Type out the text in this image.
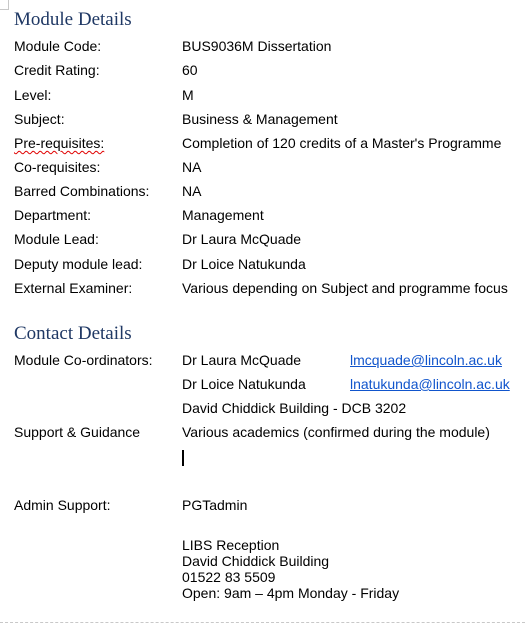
Module Details
Module Code:	BUS9036M Dissertation
Credit Rating:	60
Level:	M
Subject:	Business & Management
Pre-requisites:	Completion of 120 credits of a Master's Programme
Co-requisites:	NA
Barred Combinations: NA
Department:	Management
Module Lead:	Dr Laura McQuade
Deputy module lead:	Dr Loice Natukunda
External Examiner:	Various depending on Subject and programme focus
Contact Details
Module Co-ordinators: Dr Laura McQuade	lmcquade@lincoln.ac.uk
Dr Loice Natukunda	lnatukunda@lincoln.ac.uk
David Chiddick Building - DCB 3202
Support & Guidance	Various academics (confirmed during the module)
Admin Support:	PGTadmin
LIBS Reception
David Chiddick Building
01522 83 5509
Open: 9am – 4pm Monday - Friday
